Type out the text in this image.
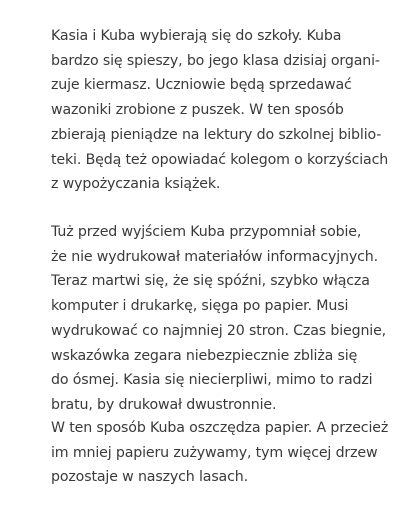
Kasia i Kuba wybierają się do szkoły. Kuba
bardzo się spieszy, bo jego klasa dzisiaj organi-
zuje kiermasz. Uczniowie będą sprzedawać
wazoniki zrobione z puszek. W ten sposób
zbierają pieniądze na lektury do szkolnej biblio-
teki. Będą też opowiadać kolegom o korzyściach
z wypożyczania książek.
Tuż przed wyjściem Kuba przypomniał sobie,
że nie wydrukował materiałów informacyjnych.
Teraz martwi się, że się spóźni, szybko włącza
komputer i drukarkę, sięga po papier. Musi
wydrukować co najmniej 20 stron. Czas biegnie,
wskazówka zegara niebezpiecznie zbliża się
do ósmej. Kasia się niecierpliwi, mimo to radzi
bratu, by drukował dwustronnie.
W ten sposób Kuba oszczędza papier. A przecież
im mniej papieru zużywamy, tym więcej drzew
pozostaje w naszych lasach.
